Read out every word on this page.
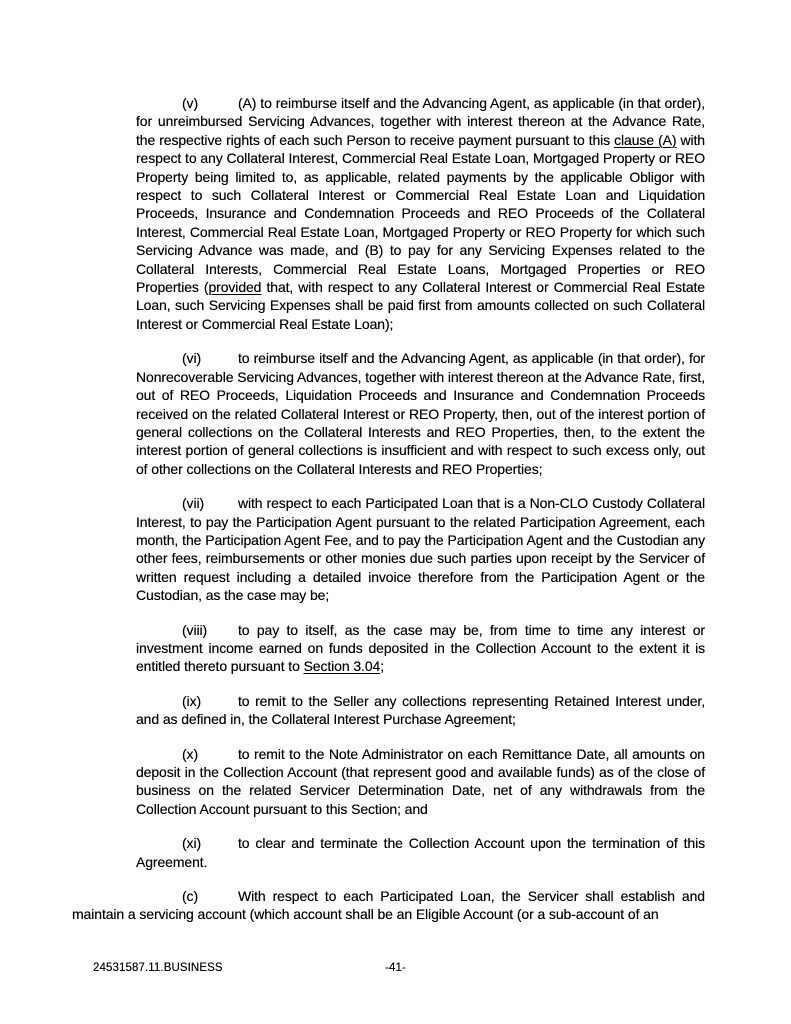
(v)	(A) to reimburse itself and the Advancing Agent, as applicable (in that order), for unreimbursed Servicing Advances, together with interest thereon at the Advance Rate, the respective rights of each such Person to receive payment pursuant to this clause (A) with respect to any Collateral Interest, Commercial Real Estate Loan, Mortgaged Property or REO Property being limited to, as applicable, related payments by the applicable Obligor with respect to such Collateral Interest or Commercial Real Estate Loan and Liquidation Proceeds, Insurance and Condemnation Proceeds and REO Proceeds of the Collateral Interest, Commercial Real Estate Loan, Mortgaged Property or REO Property for which such Servicing Advance was made, and (B) to pay for any Servicing Expenses related to the Collateral Interests, Commercial Real Estate Loans, Mortgaged Properties or REO Properties (provided that, with respect to any Collateral Interest or Commercial Real Estate Loan, such Servicing Expenses shall be paid first from amounts collected on such Collateral Interest or Commercial Real Estate Loan);

(vi)	to reimburse itself and the Advancing Agent, as applicable (in that order), for Nonrecoverable Servicing Advances, together with interest thereon at the Advance Rate, first, out of REO Proceeds, Liquidation Proceeds and Insurance and Condemnation Proceeds received on the related Collateral Interest or REO Property, then, out of the interest portion of general collections on the Collateral Interests and REO Properties, then, to the extent the interest portion of general collections is insufficient and with respect to such excess only, out of other collections on the Collateral Interests and REO Properties;

(vii) with respect to each Participated Loan that is a Non-CLO Custody Collateral Interest, to pay the Participation Agent pursuant to the related Participation Agreement, each month, the Participation Agent Fee, and to pay the Participation Agent and the Custodian any other fees, reimbursements or other monies due such parties upon receipt by the Servicer of written request including a detailed invoice therefore from the Participation Agent or the Custodian, as the case may be;

(viii) to pay to itself, as the case may be, from time to time any interest or investment income earned on funds deposited in the Collection Account to the extent it is entitled thereto pursuant to Section 3.04;

(ix)	to remit to the Seller any collections representing Retained Interest under, and as defined in, the Collateral Interest Purchase Agreement;

(x)	to remit to the Note Administrator on each Remittance Date, all amounts on deposit in the Collection Account (that represent good and available funds) as of the close of business on the related Servicer Determination Date, net of any withdrawals from the Collection Account pursuant to this Section; and

(xi)	to clear and terminate the Collection Account upon the termination of this Agreement.

(c)	With respect to each Participated Loan, the Servicer shall establish and maintain a servicing account (which account shall be an Eligible Account (or a sub-account of an

24531587.11.BUSINESS	-41-
